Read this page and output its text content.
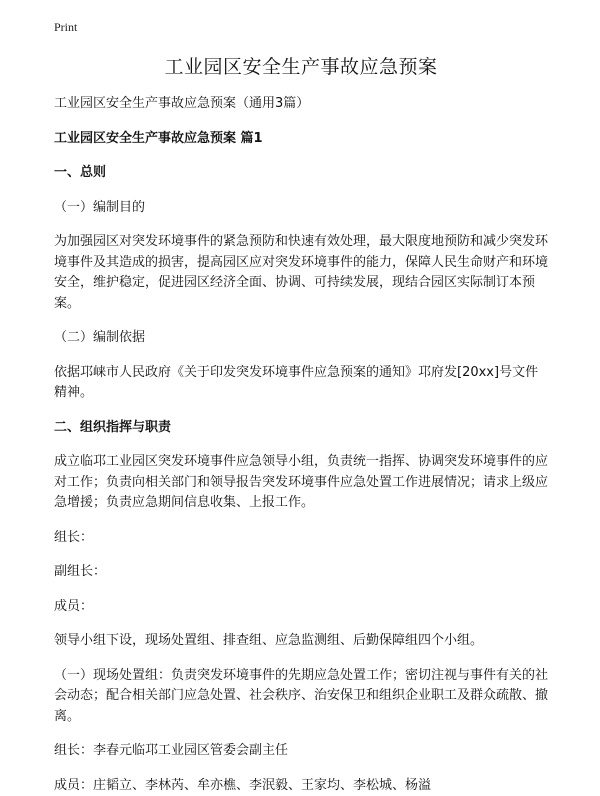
Print
工业园区安全生产事故应急预案

工业园区安全生产事故应急预案（通用3篇）

工业园区安全生产事故应急预案 篇1

一、总则

（一）编制目的

为加强园区对突发环境事件的紧急预防和快速有效处理，最大限度地预防和减少突发环境事件及其造成的损害，提高园区应对突发环境事件的能力，保障人民生命财产和环境安全，维护稳定，促进园区经济全面、协调、可持续发展，现结合园区实际制订本预案。

（二）编制依据

依据邛崃市人民政府《关于印发突发环境事件应急预案的通知》邛府发[20xx]号文件精神。

二、组织指挥与职责

成立临邛工业园区突发环境事件应急领导小组，负责统一指挥、协调突发环境事件的应对工作；负责向相关部门和领导报告突发环境事件应急处置工作进展情况；请求上级应急增援；负责应急期间信息收集、上报工作。

组长：

副组长：

成员：

领导小组下设，现场处置组、排查组、应急监测组、后勤保障组四个小组。

（一）现场处置组：负责突发环境事件的先期应急处置工作；密切注视与事件有关的社会动态；配合相关部门应急处置、社会秩序、治安保卫和组织企业职工及群众疏散、撤离。

组长：李春元临邛工业园区管委会副主任

成员：庄韬立、李林芮、牟亦樵、李泯毅、王家均、李松城、杨溢
